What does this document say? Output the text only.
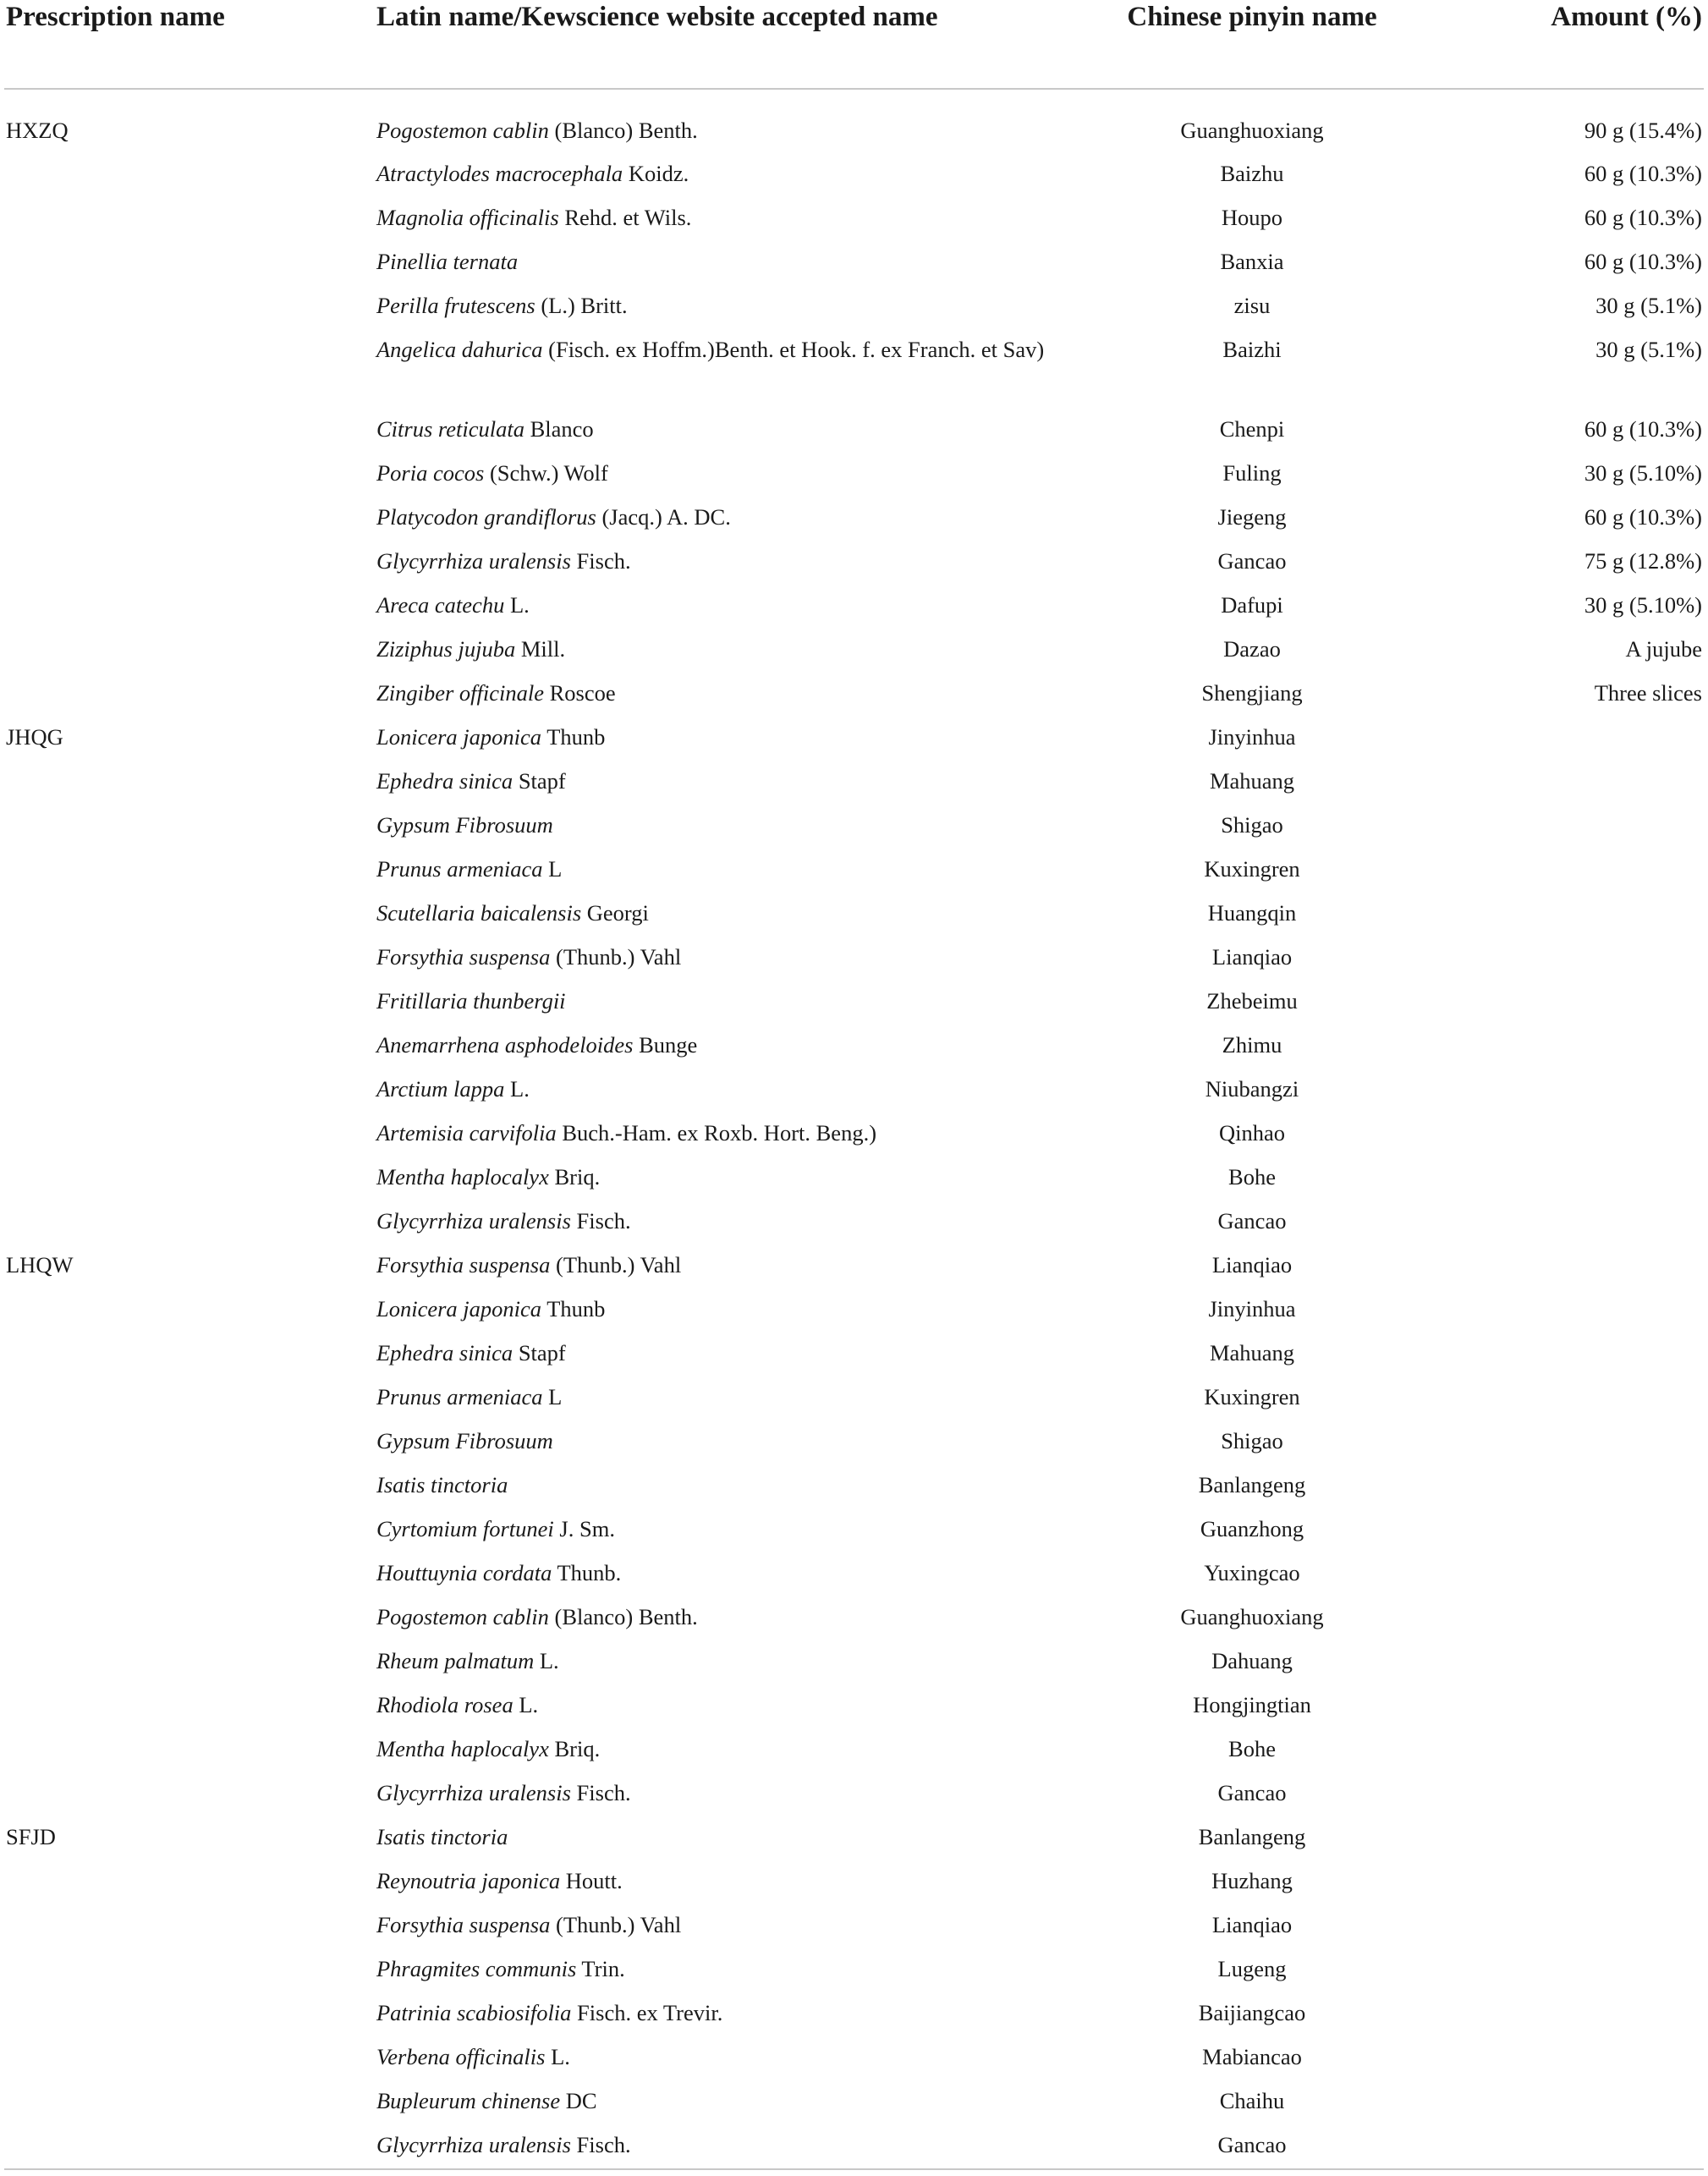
Prescription name	Latin name/Kewscience website accepted name	Chinese pinyin name	Amount (%)
HXZQ	Pogostemon cablin (Blanco) Benth.	Guanghuoxiang	90 g (15.4%)
	Atractylodes macrocephala Koidz.	Baizhu	60 g (10.3%)
	Magnolia officinalis Rehd. et Wils.	Houpo	60 g (10.3%)
	Pinellia ternata	Banxia	60 g (10.3%)
	Perilla frutescens (L.) Britt.	zisu	30 g (5.1%)
	Angelica dahurica (Fisch. ex Hoffm.)Benth. et Hook. f. ex Franch. et Sav)	Baizhi	30 g (5.1%)
	Citrus reticulata Blanco	Chenpi	60 g (10.3%)
	Poria cocos (Schw.) Wolf	Fuling	30 g (5.10%)
	Platycodon grandiflorus (Jacq.) A. DC.	Jiegeng	60 g (10.3%)
	Glycyrrhiza uralensis Fisch.	Gancao	75 g (12.8%)
	Areca catechu L.	Dafupi	30 g (5.10%)
	Ziziphus jujuba Mill.	Dazao	A jujube
	Zingiber officinale Roscoe	Shengjiang	Three slices
JHQG	Lonicera japonica Thunb	Jinyinhua	
	Ephedra sinica Stapf	Mahuang	
	Gypsum Fibrosuum	Shigao	
	Prunus armeniaca L	Kuxingren	
	Scutellaria baicalensis Georgi	Huangqin	
	Forsythia suspensa (Thunb.) Vahl	Lianqiao	
	Fritillaria thunbergii	Zhebeimu	
	Anemarrhena asphodeloides Bunge	Zhimu	
	Arctium lappa L.	Niubangzi	
	Artemisia carvifolia Buch.-Ham. ex Roxb. Hort. Beng.)	Qinhao	
	Mentha haplocalyx Briq.	Bohe	
	Glycyrrhiza uralensis Fisch.	Gancao	
LHQW	Forsythia suspensa (Thunb.) Vahl	Lianqiao	
	Lonicera japonica Thunb	Jinyinhua	
	Ephedra sinica Stapf	Mahuang	
	Prunus armeniaca L	Kuxingren	
	Gypsum Fibrosuum	Shigao	
	Isatis tinctoria	Banlangeng	
	Cyrtomium fortunei J. Sm.	Guanzhong	
	Houttuynia cordata Thunb.	Yuxingcao	
	Pogostemon cablin (Blanco) Benth.	Guanghuoxiang	
	Rheum palmatum L.	Dahuang	
	Rhodiola rosea L.	Hongjingtian	
	Mentha haplocalyx Briq.	Bohe	
	Glycyrrhiza uralensis Fisch.	Gancao	
SFJD	Isatis tinctoria	Banlangeng	
	Reynoutria japonica Houtt.	Huzhang	
	Forsythia suspensa (Thunb.) Vahl	Lianqiao	
	Phragmites communis Trin.	Lugeng	
	Patrinia scabiosifolia Fisch. ex Trevir.	Baijiangcao	
	Verbena officinalis L.	Mabiancao	
	Bupleurum chinense DC	Chaihu	
	Glycyrrhiza uralensis Fisch.	Gancao	
